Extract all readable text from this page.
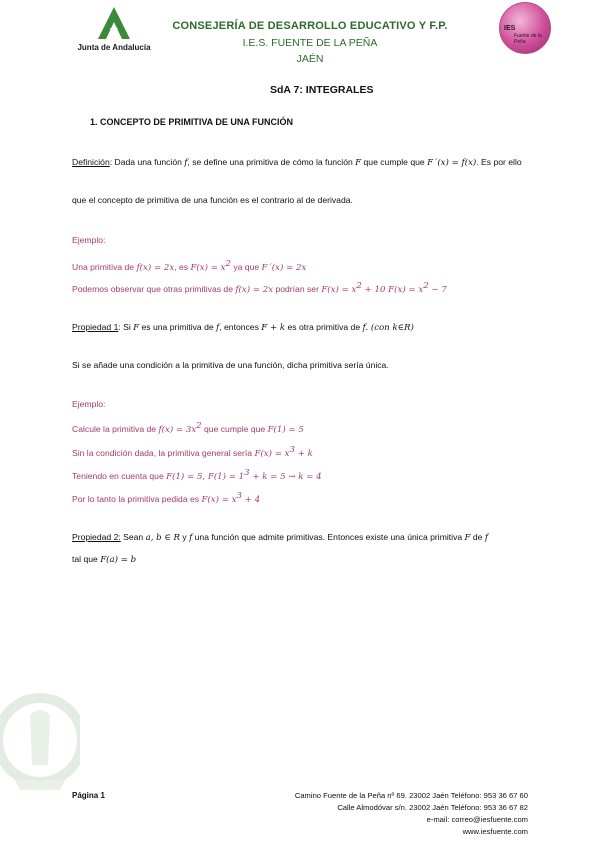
Junta de Andalucía
CONSEJERÍA DE DESARROLLO EDUCATIVO Y F.P.
I.E.S. FUENTE DE LA PEÑA
JAÉN
IES
Fuente de la Peña
SdA 7: INTEGRALES
1. CONCEPTO DE PRIMITIVA DE UNA FUNCIÓN
Definición: Dada una función f, se define una primitiva de cómo la función F que cumple que F´(x) = f(x). Es por ello
que el concepto de primitiva de una función es el contrario al de derivada.
Ejemplo:
Una primitiva de f(x) = 2x, es $F(x) = x^2$ ya que F´(x) = 2x
Podemos observar que otras primitivas de f(x) = 2x podrían ser $F(x) = x^2 + 10$ $F(x) = x^2 - 7$
Propiedad 1: Si F es una primitiva de f, entonces F + k es otra primitiva de f. (con k∈R)
Si se añade una condición a la primitiva de una función, dicha primitiva sería única.
Ejemplo:
Calcule la primitiva de $f(x) = 3x^2$ que cumple que F(1) = 5
Sin la condición dada, la primitiva general sería $F(x) = x^3 + k$
Teniendo en cuenta que F(1) = 5, $F(1) = 1^3 + k = 5 \to k = 4$
Por lo tanto la primitiva pedida es $F(x) = x^3 + 4$
Propiedad 2: Sean a, b ∈ R y f una función que admite primitivas. Entonces existe una única primitiva F de f
tal que F(a) = b
Página 1	Camino Fuente de la Peña nº 69. 23002 Jaén Teléfono: 953 36 67 60
Calle Almodóvar s/n. 23002 Jaén Teléfono: 953 36 67 82
e-mail: correo@iesfuente.com
www.iesfuente.com
